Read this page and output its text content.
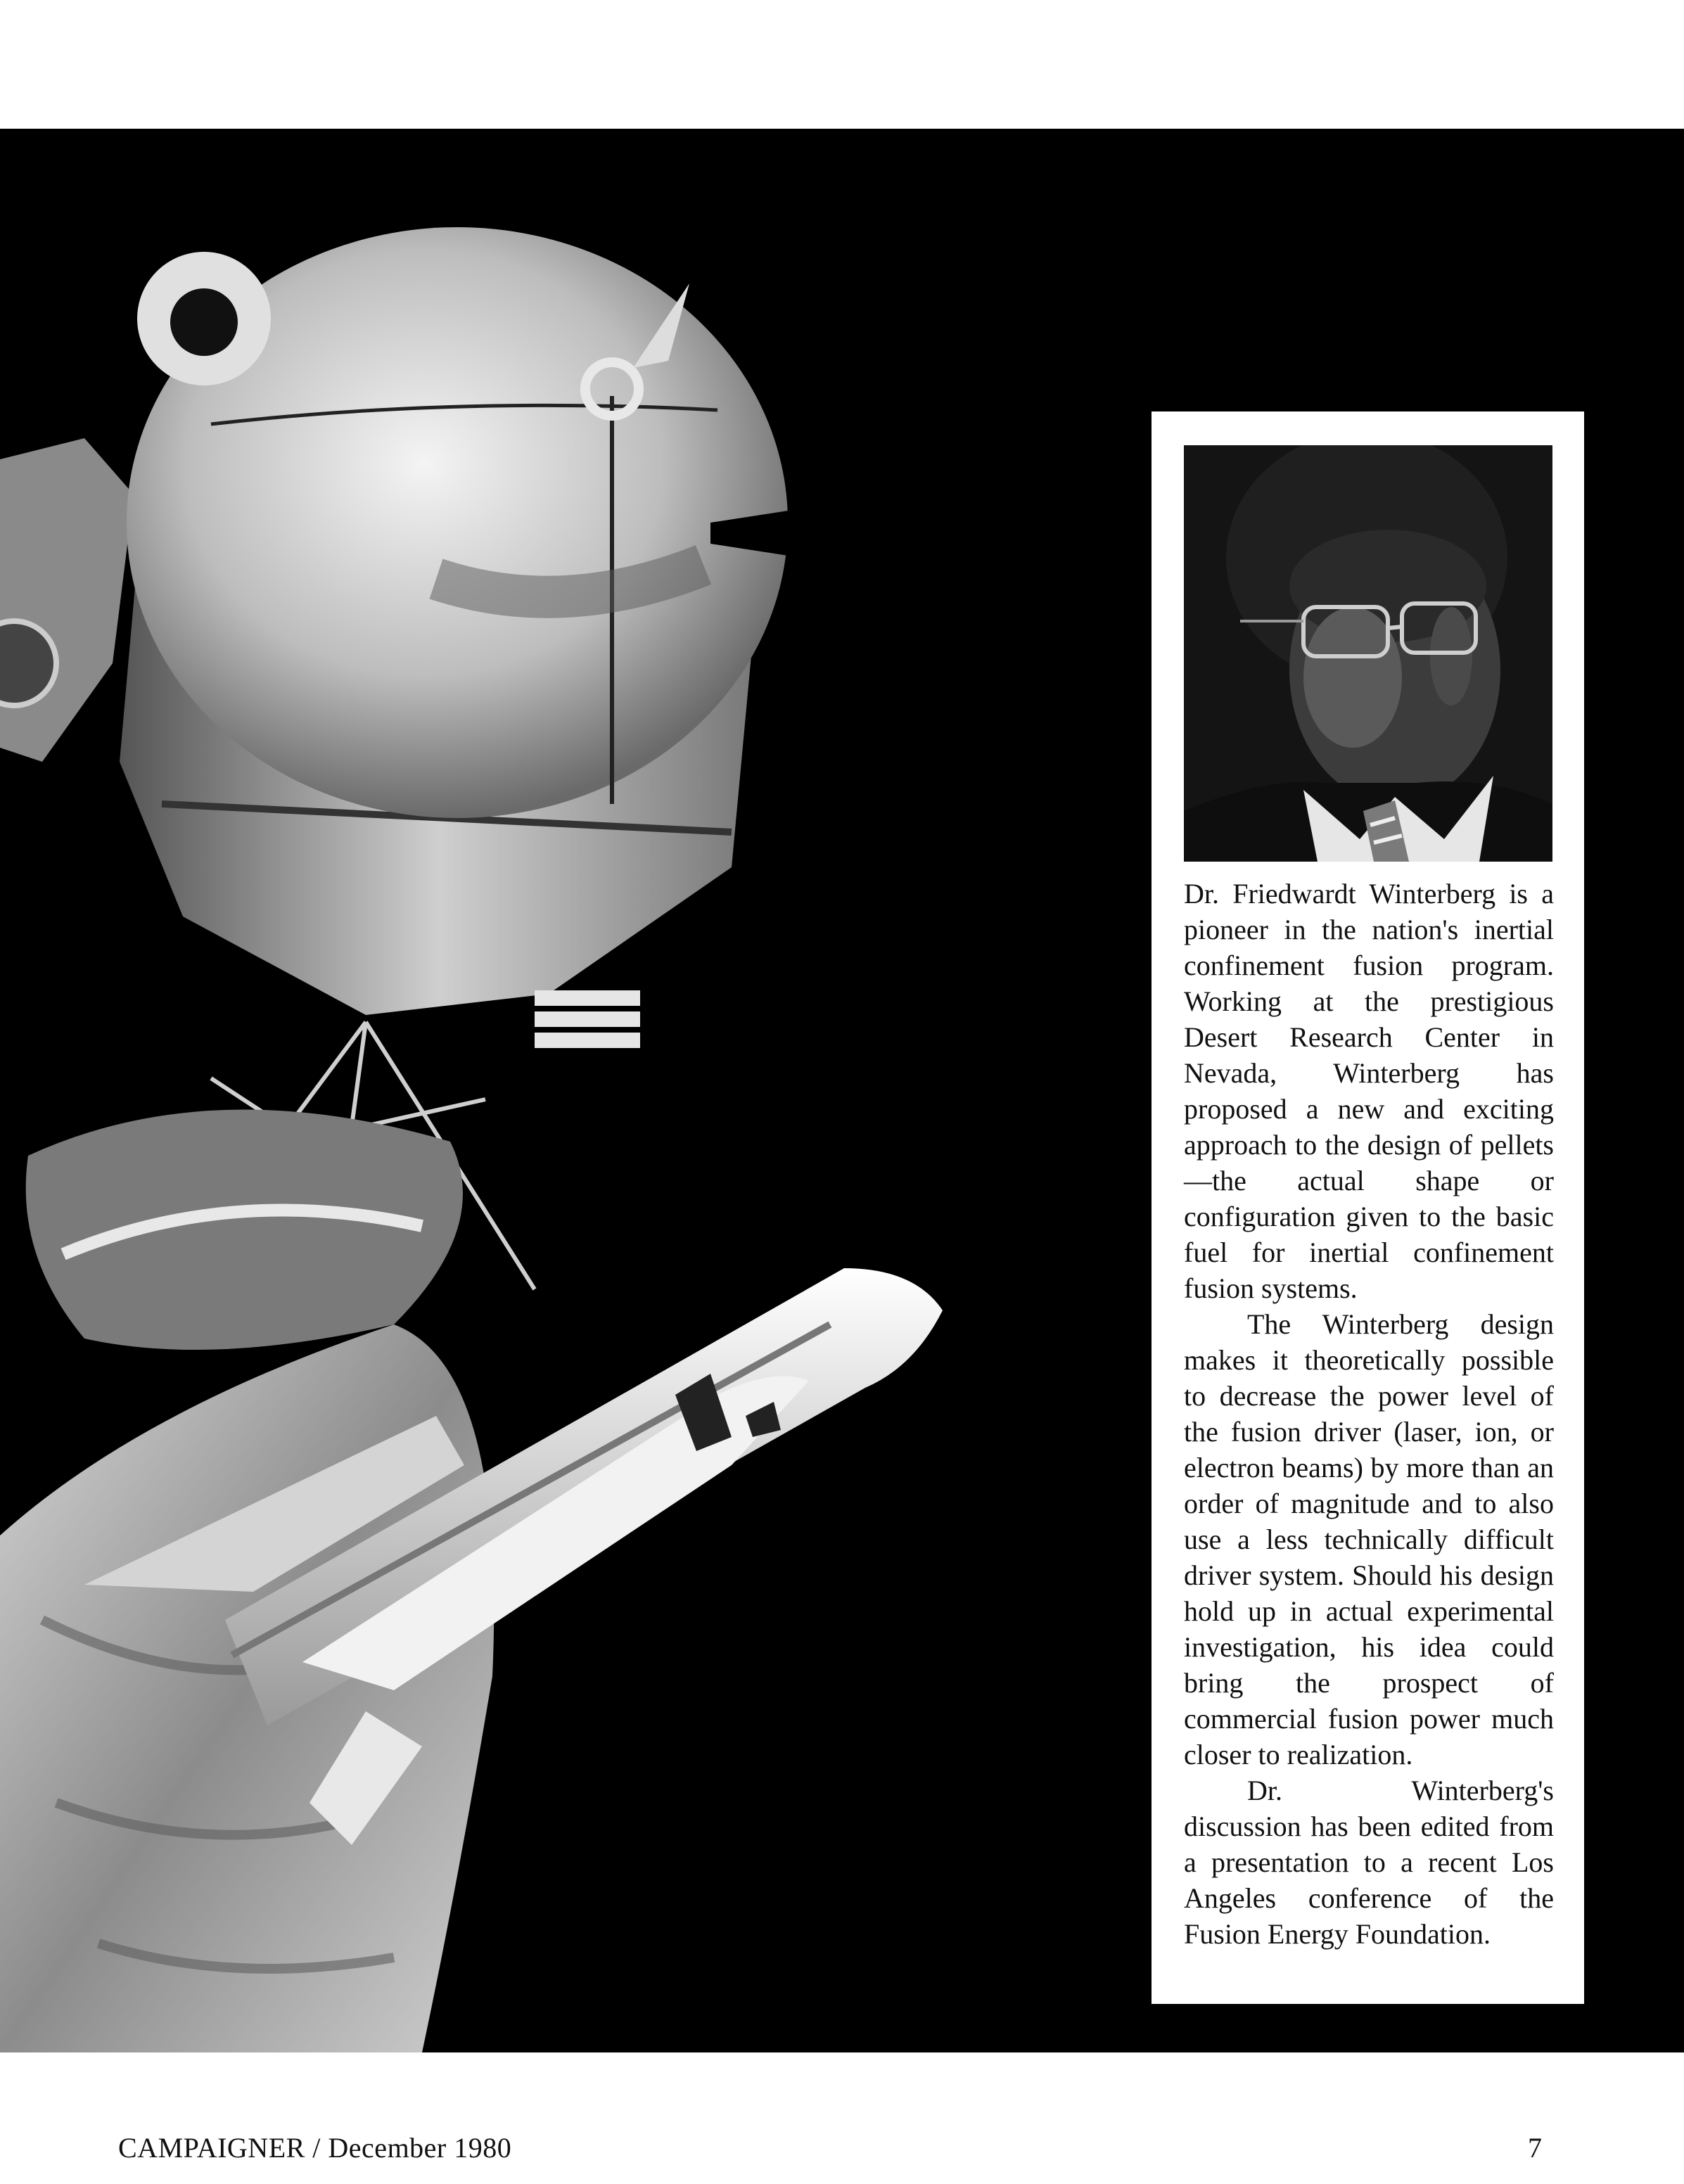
Dr. Friedwardt Winterberg is a pioneer in the nation's inertial confinement fusion program. Working at the prestigious Desert Research Center in Nevada, Winterberg has proposed a new and exciting approach to the design of pellets—the actual shape or configuration given to the basic fuel for inertial confinement fusion systems.

The Winterberg design makes it theoretically possible to decrease the power level of the fusion driver (laser, ion, or electron beams) by more than an order of magnitude and to also use a less technically difficult driver system. Should his design hold up in actual experimental investigation, his idea could bring the prospect of commercial fusion power much closer to realization.

Dr. Winterberg's discussion has been edited from a presentation to a recent Los Angeles conference of the Fusion Energy Foundation.

CAMPAIGNER / December 1980	7
